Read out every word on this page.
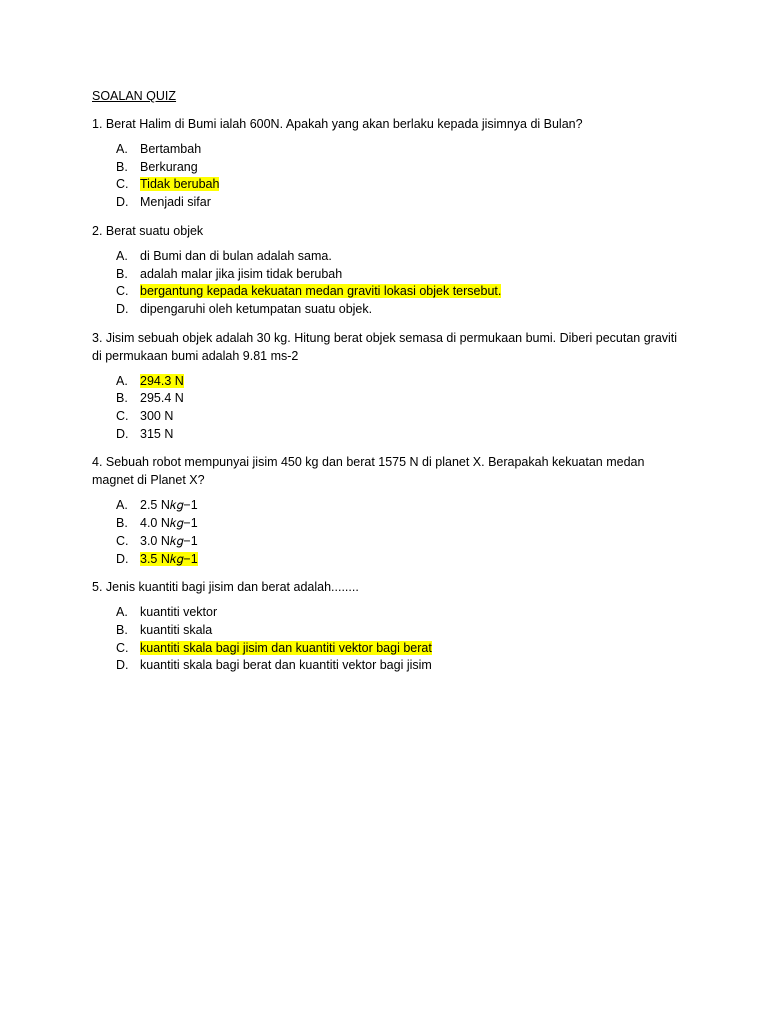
SOALAN QUIZ
1. Berat Halim di Bumi ialah 600N. Apakah yang akan berlaku kepada jisimnya di Bulan?
A. Bertambah
B. Berkurang
C. Tidak berubah
D. Menjadi sifar
2. Berat suatu objek
A. di Bumi dan di bulan adalah sama.
B. adalah malar jika jisim tidak berubah
C. bergantung kepada kekuatan medan graviti lokasi objek tersebut.
D. dipengaruhi oleh ketumpatan suatu objek.
3. Jisim sebuah objek adalah 30 kg. Hitung berat objek semasa di permukaan bumi. Diberi pecutan graviti di permukaan bumi adalah 9.81 ms-2
A. 294.3 N
B. 295.4 N
C. 300 N
D. 315 N
4. Sebuah robot mempunyai jisim 450 kg dan berat 1575 N di planet X. Berapakah kekuatan medan magnet di Planet X?
A. 2.5 N𝑘𝑔−1
B. 4.0 N𝑘𝑔−1
C. 3.0 N𝑘𝑔−1
D. 3.5 N𝑘𝑔−1
5. Jenis kuantiti bagi jisim dan berat adalah........
A. kuantiti vektor
B. kuantiti skala
C. kuantiti skala bagi jisim dan kuantiti vektor bagi berat
D. kuantiti skala bagi berat dan kuantiti vektor bagi jisim
